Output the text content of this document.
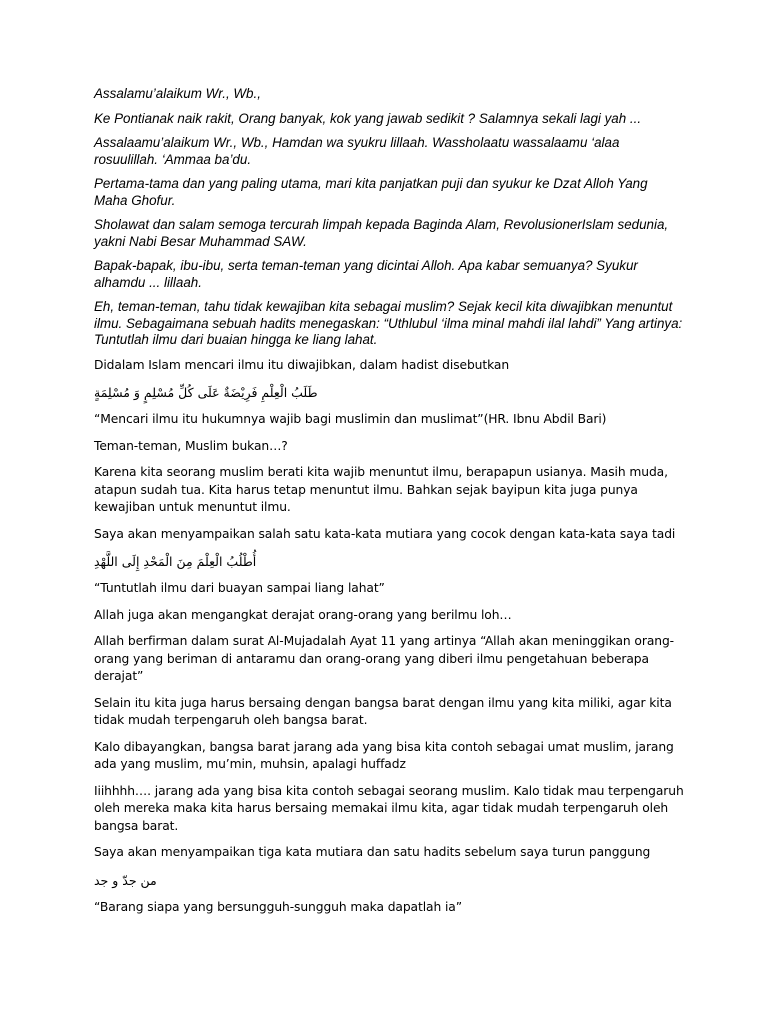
Assalamu’alaikum Wr., Wb.,

Ke Pontianak naik rakit, Orang banyak, kok yang jawab sedikit ? Salamnya sekali lagi yah ...

Assalaamu’alaikum Wr., Wb., Hamdan wa syukru lillaah. Wassholaatu wassalaamu ‘alaa rosuulillah. ‘Ammaa ba’du.

Pertama-tama dan yang paling utama, mari kita panjatkan puji dan syukur ke Dzat Alloh Yang Maha Ghofur.

Sholawat dan salam semoga tercurah limpah kepada Baginda Alam, RevolusionerIslam sedunia, yakni Nabi Besar Muhammad SAW.

Bapak-bapak, ibu-ibu, serta teman-teman yang dicintai Alloh. Apa kabar semuanya? Syukur alhamdu ... lillaah.

Eh, teman-teman, tahu tidak kewajiban kita sebagai muslim? Sejak kecil kita diwajibkan menuntut ilmu. Sebagaimana sebuah hadits menegaskan: “Uthlubul ‘ilma minal mahdi ilal lahdi” Yang artinya: Tuntutlah ilmu dari buaian hingga ke liang lahat.

Didalam Islam mencari ilmu itu diwajibkan, dalam hadist disebutkan

طَلَبُ الْعِلْمِ فَرِيْضَةٌ عَلَى كُلِّ مُسْلِمٍ وَ مُسْلِمَةٍ

“Mencari ilmu itu hukumnya wajib bagi muslimin dan muslimat”(HR. Ibnu Abdil Bari)

Teman-teman, Muslim bukan…?

Karena kita seorang muslim berati kita wajib menuntut ilmu, berapapun usianya. Masih muda, atapun sudah tua. Kita harus tetap menuntut ilmu. Bahkan sejak bayipun kita juga punya kewajiban untuk menuntut ilmu.

Saya akan menyampaikan salah satu kata-kata mutiara yang cocok dengan kata-kata saya tadi

أُطْلُبُ الْعِلْمَ مِنَ الْمَحْدِ إِلَى اللَّهْدِ

“Tuntutlah ilmu dari buayan sampai liang lahat”

Allah juga akan mengangkat derajat orang-orang yang berilmu loh…

Allah berfirman dalam surat Al-Mujadalah Ayat 11 yang artinya “Allah akan meninggikan orang-orang yang beriman di antaramu dan orang-orang yang diberi ilmu pengetahuan beberapa derajat”

Selain itu kita juga harus bersaing dengan bangsa barat dengan ilmu yang kita miliki, agar kita tidak mudah terpengaruh oleh bangsa barat.

Kalo dibayangkan, bangsa barat jarang ada yang bisa kita contoh sebagai umat muslim, jarang ada yang muslim, mu’min, muhsin, apalagi huffadz

Iiihhhh…. jarang ada yang bisa kita contoh sebagai seorang muslim. Kalo tidak mau terpengaruh oleh mereka maka kita harus bersaing memakai ilmu kita, agar tidak mudah terpengaruh oleh bangsa barat.

Saya akan menyampaikan tiga kata mutiara dan satu hadits sebelum saya turun panggung

من جدّ و جد

“Barang siapa yang bersungguh-sungguh maka dapatlah ia”
